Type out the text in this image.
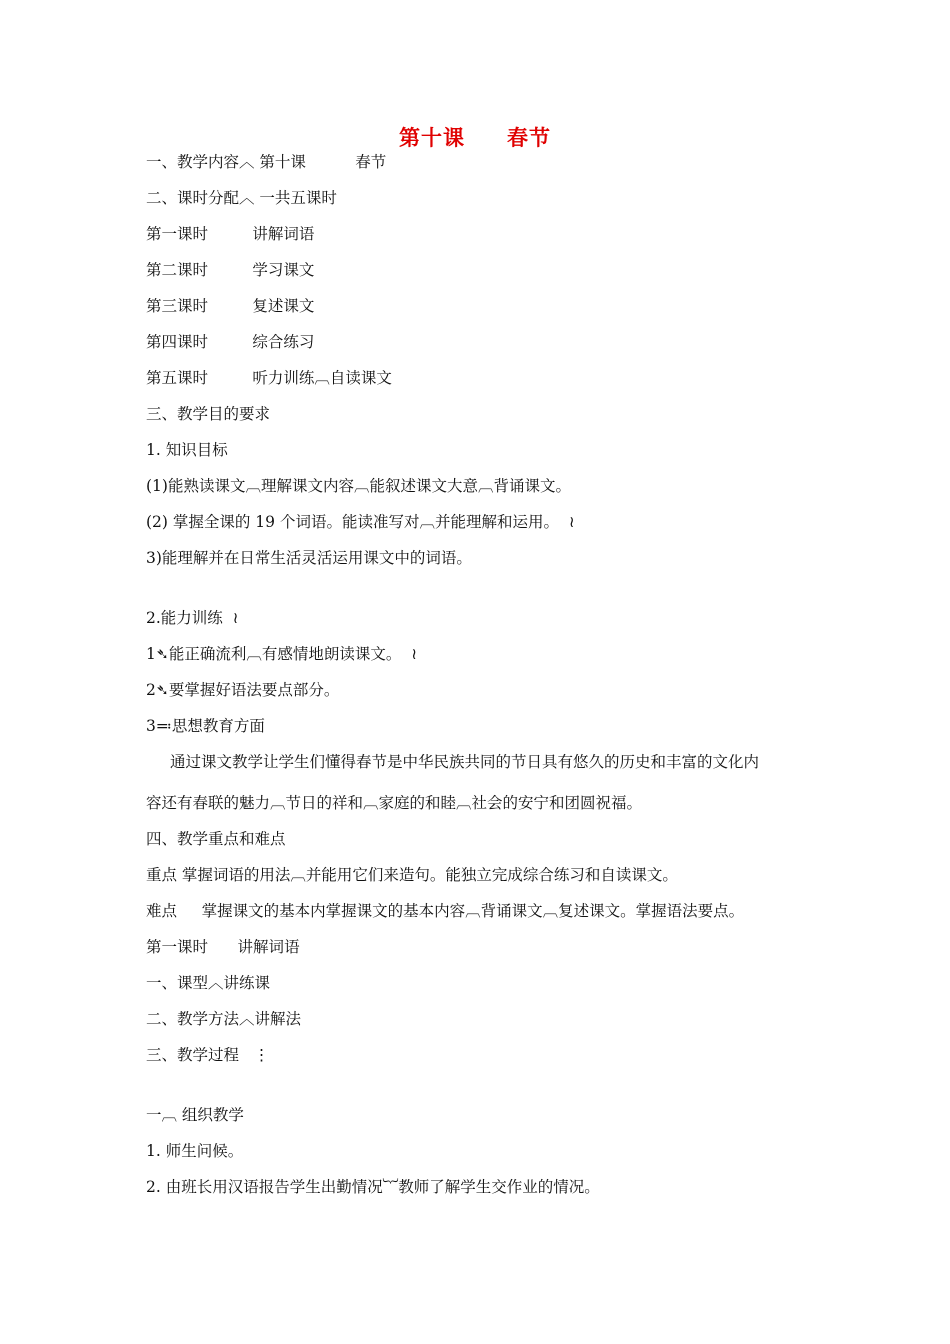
第十课 春节
一、教学内容︿ 第十课          春节
二、课时分配︿ 一共五课时
第一课时         讲解词语
第二课时         学习课文
第三课时         复述课文
第四课时         综合练习
第五课时         听力训练︹自读课文
三、教学目的要求
1. 知识目标
(1)能熟读课文︹理解课文内容︹能叙述课文大意︹背诵课文。
(2) 掌握全课的 19 个词语。能读准写对︹并能理解和运用。  ≀
3)能理解并在日常生活灵活运用课文中的词语。
2.能力训练  ≀
1➴能正确流利︹有感情地朗读课文。  ≀
2➴要掌握好语法要点部分。
3≕思想教育方面
通过课文教学让学生们懂得春节是中华民族共同的节日具有悠久的历史和丰富的文化内
容还有春联的魅力︹节日的祥和︹家庭的和睦︹社会的安宁和团圆祝福。
四、教学重点和难点
重点 掌握词语的用法︹并能用它们来造句。能独立完成综合练习和自读课文。
难点     掌握课文的基本内掌握课文的基本内容︹背诵课文︹复述课文。掌握语法要点。
第一课时      讲解词语
一、课型︿讲练课
二、教学方法︿讲解法
三、教学过程   ⋮
一︹ 组织教学
1. 师生问候。
2. 由班长用汉语报告学生出勤情况︸教师了解学生交作业的情况。
